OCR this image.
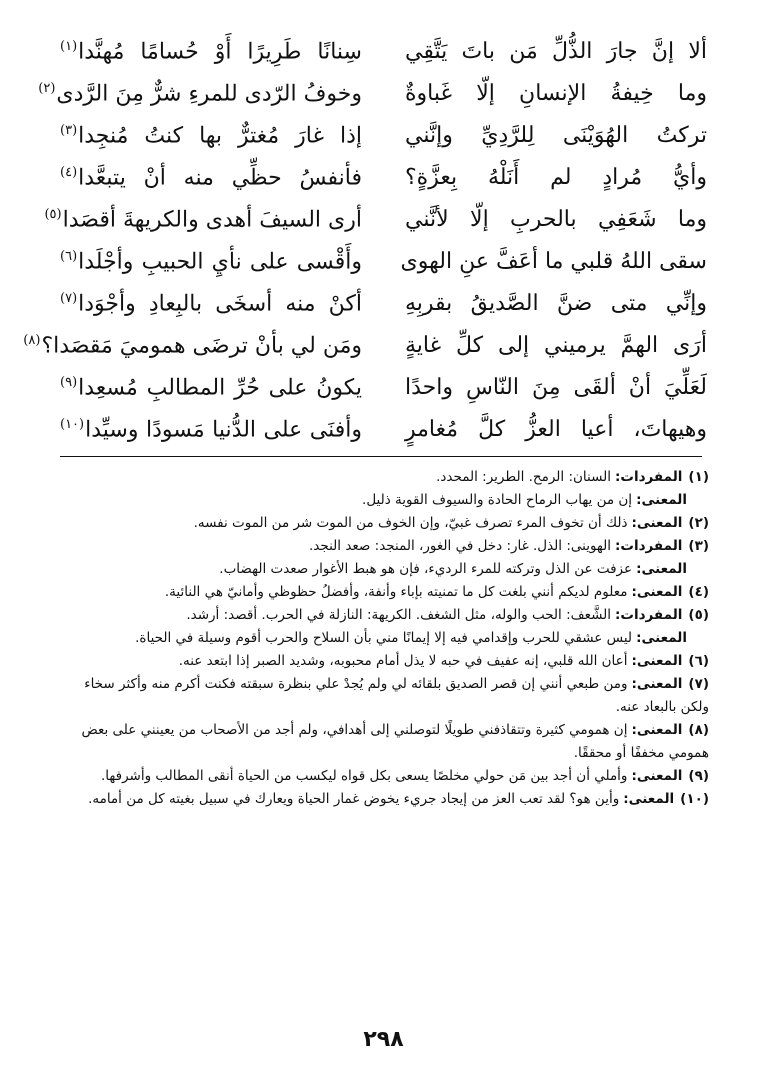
ألا إنَّ جارَ الذُّلِّ مَن باتَ يَتَّقِي
سِنانًا طَرِيرًا أَوْ حُسامًا مُهنَّدا$^{(١)}$
وما خِيفةُ الإنسانِ إلّا غَباوةٌ
وخوفُ الرّدى للمرءِ شرٌّ مِنَ الرَّدى$^{(٢)}$
تركتُ الهُوَيْنَى لِلرَّدِيِّ وإنَّني
إذا غارَ مُغترٌّ بها كنتُ مُنجِدا$^{(٣)}$
وأيُّ مُرادٍ لم أَنَلْهُ بِعزَّةٍ؟
فأنفسُ حظِّي منه أنْ يتبعَّدا$^{(٤)}$
وما شَعَفِي بالحربِ إلّا لأنَّني
أرى السيفَ أهدى والكريهةَ أقصَدا$^{(٥)}$
سقى اللهُ قلبي ما أعَفَّ عنِ الهوى
وأَقْسى على نأيِ الحبيبِ وأجْلَدا$^{(٦)}$
وإنِّي متى ضنَّ الصَّديقُ بقربِهِ
أكنْ منه أسخَى بالبِعادِ وأجْوَدا$^{(٧)}$
أرَى الهمَّ يرميني إلى كلِّ غايةٍ
ومَن لي بأنْ ترضَى هموميَ مَقصَدا؟$^{(٨)}$
لَعَلِّيَ أنْ ألقَى مِنَ النّاسِ واحدًا
يكونُ على حُرِّ المطالبِ مُسعِدا$^{(٩)}$
وهيهاتَ، أعيا العزُّ كلَّ مُغامرٍ
وأفنَى على الدُّنيا مَسودًا وسيِّدا$^{(١٠)}$

(١)المفردات:السنان: الرمح. الطرير: المحدد.

المعنى:إن من يهاب الرماح الحادة والسيوف القوية ذليل.

(٢)المعنى:ذلك أن تخوف المرء تصرف غبيّ، وإن الخوف من الموت شر من الموت نفسه.

(٣)المفردات:الهوينى: الذل. غار: دخل في الغور، المنجد: صعد النجد.

المعنى:عزفت عن الذل وتركته للمرء الرديء، فإن هو هبط الأغوار صعدت الهضاب.

(٤)المعنى:معلوم لديكم أنني بلغت كل ما تمنيته بإباء وأنفة، وأفضلُ حظوظي وأمانيّ هي النائية.

(٥)المفردات:الشَّعف: الحب والوله، مثل الشغف. الكريهة: النازلة في الحرب. أقصد: أرشد.

المعنى:ليس عشقي للحرب وإقدامي فيه إلا إيمانًا مني بأن السلاح والحرب أقوم وسيلة في الحياة.

(٦)المعنى:أعان الله قلبي، إنه عفيف في حبه لا يذل أمام محبوبه، وشديد الصبر إذا ابتعد عنه.

(٧)المعنى:ومن طبعي أنني إن قصر الصديق بلقائه لي ولم يُجدْ علي بنظرة سبقته فكنت أكرم منه وأكثر سخاء ولكن بالبعاد عنه.

(٨)المعنى:إن همومي كثيرة وتتقاذفني طويلًا لتوصلني إلى أهدافي، ولم أجد من الأصحاب من يعينني على بعض همومي مخففًا أو محققًا.

(٩)المعنى:وأملي أن أجد بين مَن حولي مخلصًا يسعى بكل قواه ليكسب من الحياة أنقى المطالب وأشرفها.

(١٠)المعنى:وأين هو؟ لقد تعب العز من إيجاد جريء يخوض غمار الحياة ويعارك في سبيل بغيته كل من أمامه.

٢٩٨
